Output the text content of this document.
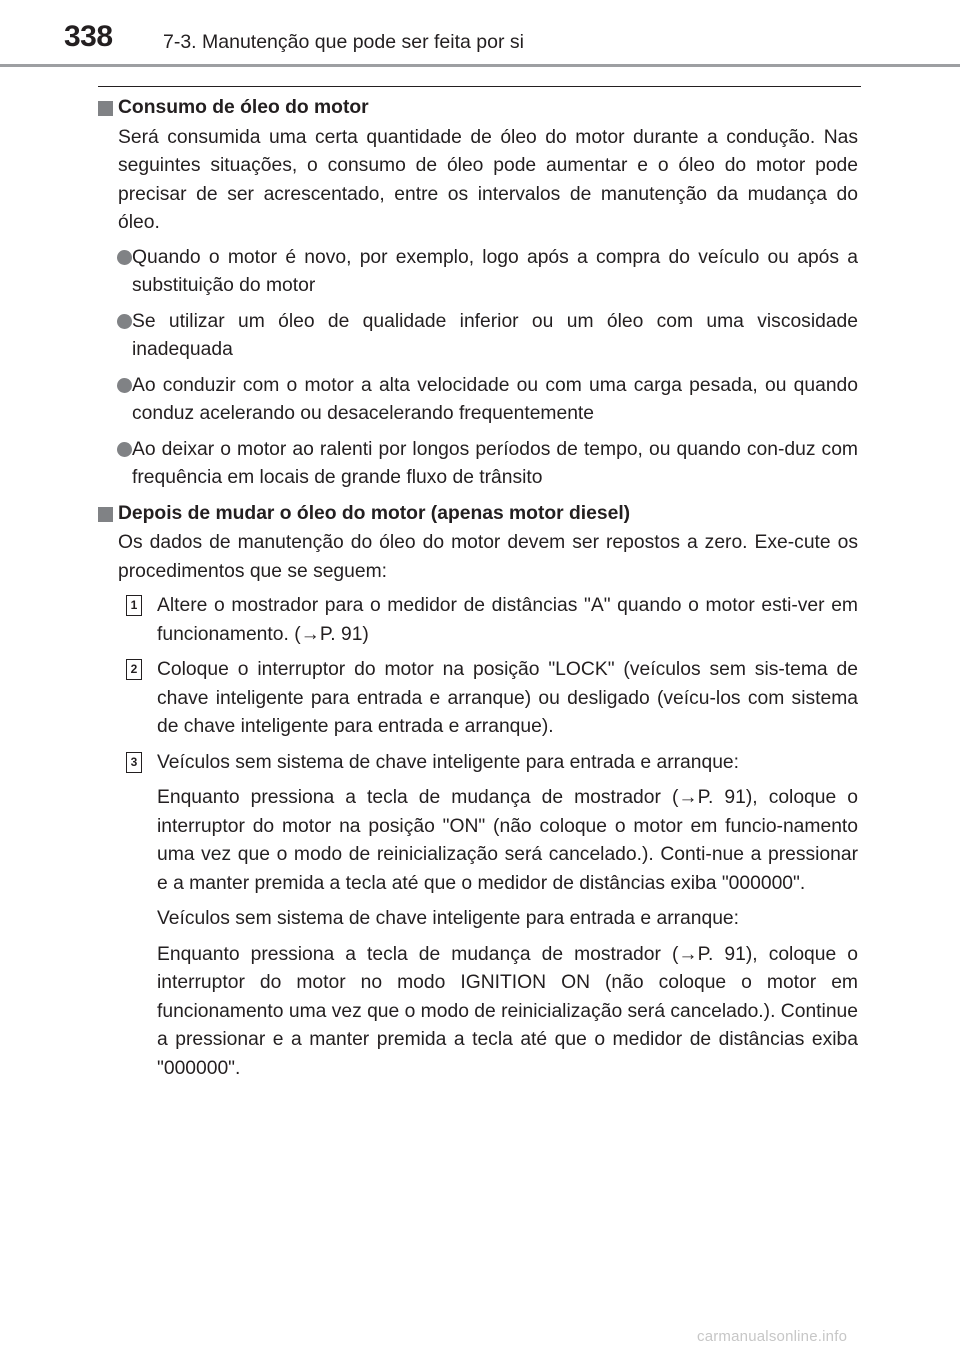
338	7-3. Manutenção que pode ser feita por si
Consumo de óleo do motor
Será consumida uma certa quantidade de óleo do motor durante a condução. Nas seguintes situações, o consumo de óleo pode aumentar e o óleo do motor pode precisar de ser acrescentado, entre os intervalos de manutenção da mudança do óleo.
Quando o motor é novo, por exemplo, logo após a compra do veículo ou após a substituição do motor
Se utilizar um óleo de qualidade inferior ou um óleo com uma viscosidade inadequada
Ao conduzir com o motor a alta velocidade ou com uma carga pesada, ou quando conduz acelerando ou desacelerando frequentemente
Ao deixar o motor ao ralenti por longos períodos de tempo, ou quando con-duz com frequência em locais de grande fluxo de trânsito
Depois de mudar o óleo do motor (apenas motor diesel)
Os dados de manutenção do óleo do motor devem ser repostos a zero. Exe-cute os procedimentos que se seguem:
1 Altere o mostrador para o medidor de distâncias "A" quando o motor esti-ver em funcionamento. (→P. 91)
2 Coloque o interruptor do motor na posição "LOCK" (veículos sem sis-tema de chave inteligente para entrada e arranque) ou desligado (veícu-los com sistema de chave inteligente para entrada e arranque).
3 Veículos sem sistema de chave inteligente para entrada e arranque:
Enquanto pressiona a tecla de mudança de mostrador (→P. 91), coloque o interruptor do motor na posição "ON" (não coloque o motor em funcio-namento uma vez que o modo de reinicialização será cancelado.). Conti-nue a pressionar e a manter premida a tecla até que o medidor de distâncias exiba "000000".
Veículos sem sistema de chave inteligente para entrada e arranque:
Enquanto pressiona a tecla de mudança de mostrador (→P. 91), coloque o interruptor do motor no modo IGNITION ON (não coloque o motor em funcionamento uma vez que o modo de reinicialização será cancelado.). Continue a pressionar e a manter premida a tecla até que o medidor de distâncias exiba "000000".
carmanualsonline.info
